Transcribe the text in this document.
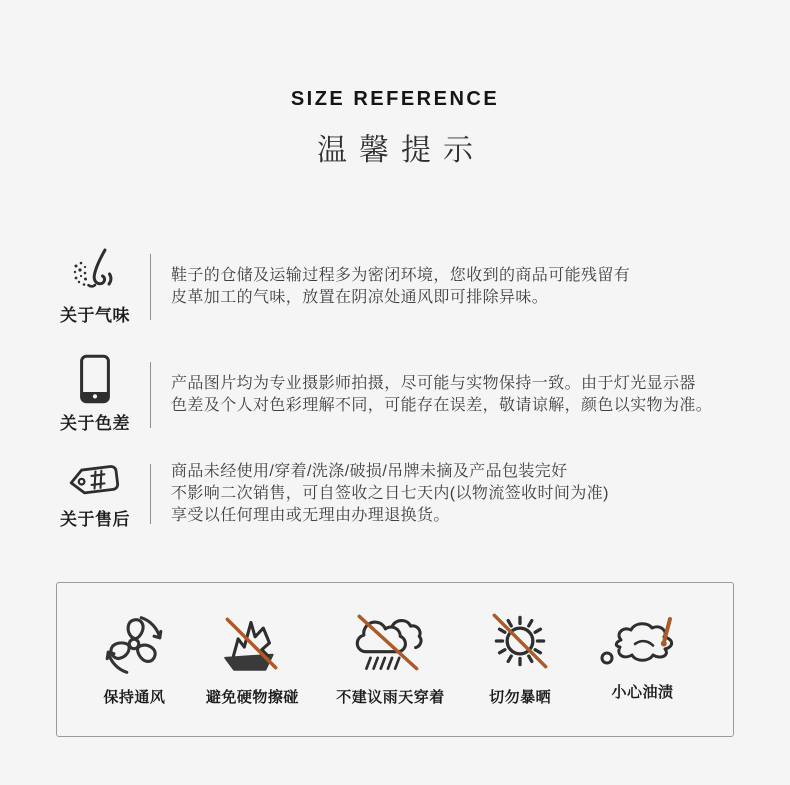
SIZE REFERENCE
温馨提示
关于气味
鞋子的仓储及运输过程多为密闭环境，您收到的商品可能残留有
皮革加工的气味，放置在阴凉处通风即可排除异味。
关于色差
产品图片均为专业摄影师拍摄，尽可能与实物保持一致。由于灯光显示器
色差及个人对色彩理解不同，可能存在误差，敬请谅解，颜色以实物为准。
关于售后
商品未经使用/穿着/洗涤/破损/吊牌未摘及产品包装完好
不影响二次销售，可自签收之日七天内(以物流签收时间为准)
享受以任何理由或无理由办理退换货。
保持通风	避免硬物擦碰 不建议雨天穿着	切勿暴晒	小心油渍
